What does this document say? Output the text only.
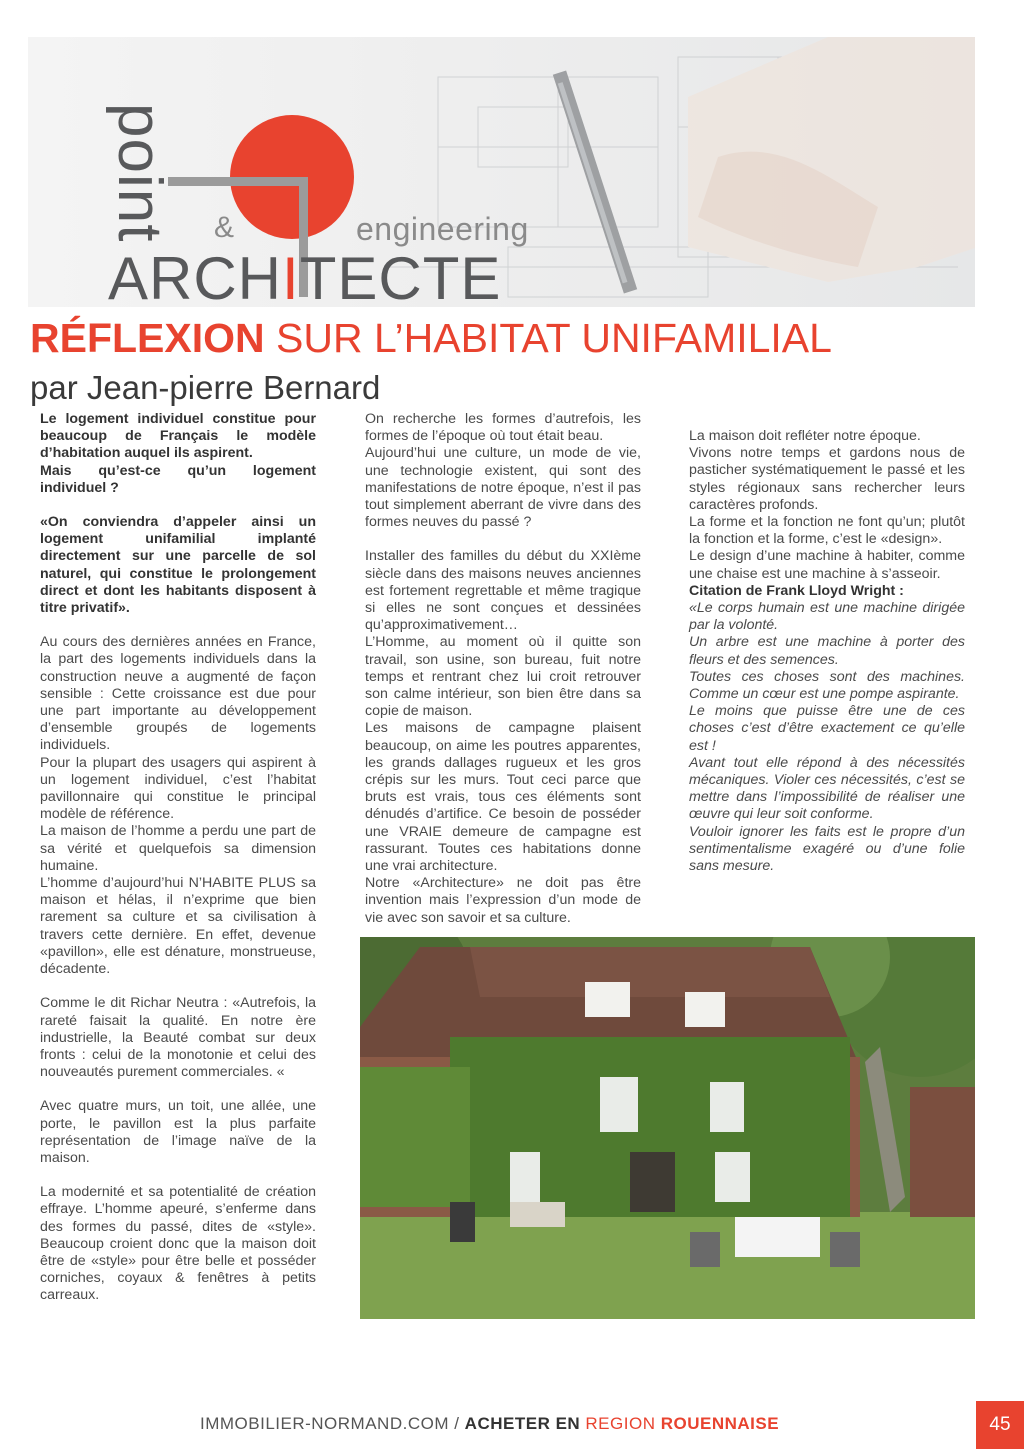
point &	engineering
ARCHITECTE
RÉFLEXION SUR L’HABITAT UNIFAMILIAL
par Jean-pierre Bernard

Le logement individuel constitue pour beaucoup de Français le modèle d’habitation auquel ils aspirent.

Mais qu’est-ce qu’un logement individuel ?

«On conviendra d’appeler ainsi un logement unifamilial implanté directement sur une parcelle de sol naturel, qui constitue le prolongement direct et dont les habitants disposent à titre privatif».

Au cours des dernières années en France, la part des logements individuels dans la construction neuve a augmenté de façon sensible : Cette croissance est due pour une part importante au développement d’ensemble groupés de logements individuels.

Pour la plupart des usagers qui aspirent à un logement individuel, c’est l’habitat pavillonnaire qui constitue le principal modèle de référence.

La maison de l’homme a perdu une part de sa vérité et quelquefois sa dimension humaine.

L’homme d’aujourd’hui N’HABITE PLUS sa maison et hélas, il n’exprime que bien rarement sa culture et sa civilisation à travers cette dernière. En effet, devenue «pavillon», elle est dénature, monstrueuse, décadente.

Comme le dit Richar Neutra : «Autrefois, la rareté faisait la qualité. En notre ère industrielle, la Beauté combat sur deux fronts : celui de la monotonie et celui des nouveautés purement commerciales. «

Avec quatre murs, un toit, une allée, une porte, le pavillon est la plus parfaite représentation de l’image naïve de la maison.

La modernité et sa potentialité de création effraye. L’homme apeuré, s’enferme dans des formes du passé, dites de «style». Beaucoup croient donc que la maison doit être de «style» pour être belle et posséder corniches, coyaux & fenêtres à petits carreaux.

On recherche les formes d’autrefois, les formes de l’époque où tout était beau.

Aujourd’hui une culture, un mode de vie, une technologie existent, qui sont des manifestations de notre époque, n’est il pas tout simplement aberrant de vivre dans des formes neuves du passé ?

Installer des familles du début du XXIème siècle dans des maisons neuves anciennes est fortement regrettable et même tragique si elles ne sont conçues et dessinées qu’approximativement…

L’Homme, au moment où il quitte son travail, son usine, son bureau, fuit notre temps et rentrant chez lui croit retrouver son calme intérieur, son bien être dans sa copie de maison.

Les maisons de campagne plaisent beaucoup, on aime les poutres apparentes, les grands dallages rugueux et les gros crépis sur les murs. Tout ceci parce que bruts est vrais, tous ces éléments sont dénudés d’artifice. Ce besoin de posséder une VRAIE demeure de campagne est rassurant. Toutes ces habitations donne une vrai architecture.

Notre «Architecture» ne doit pas être invention mais l’expression d’un mode de vie avec son savoir et sa culture.

La maison doit refléter notre époque.

Vivons notre temps et gardons nous de pasticher systématiquement le passé et les styles régionaux sans rechercher leurs caractères profonds.

La forme et la fonction ne font qu’un; plutôt la fonction et la forme, c’est le «design».

Le design d’une machine à habiter, comme une chaise est une machine à s’asseoir.

Citation de Frank Lloyd Wright :

«Le corps humain est une machine dirigée par la volonté.

Un arbre est une machine à porter des fleurs et des semences.

Toutes ces choses sont des machines. Comme un cœur est une pompe aspirante.

Le moins que puisse être une de ces choses c’est d’être exactement ce qu’elle est !

Avant tout elle répond à des nécessités mécaniques. Violer ces nécessités, c’est se mettre dans l’impossibilité de réaliser une œuvre qui leur soit conforme.

Vouloir ignorer les faits est le propre d’un sentimentalisme exagéré ou d’une folie sans mesure.

IMMOBILIER-NORMAND.COM / ACHETER EN REGION ROUENNAISE	45
